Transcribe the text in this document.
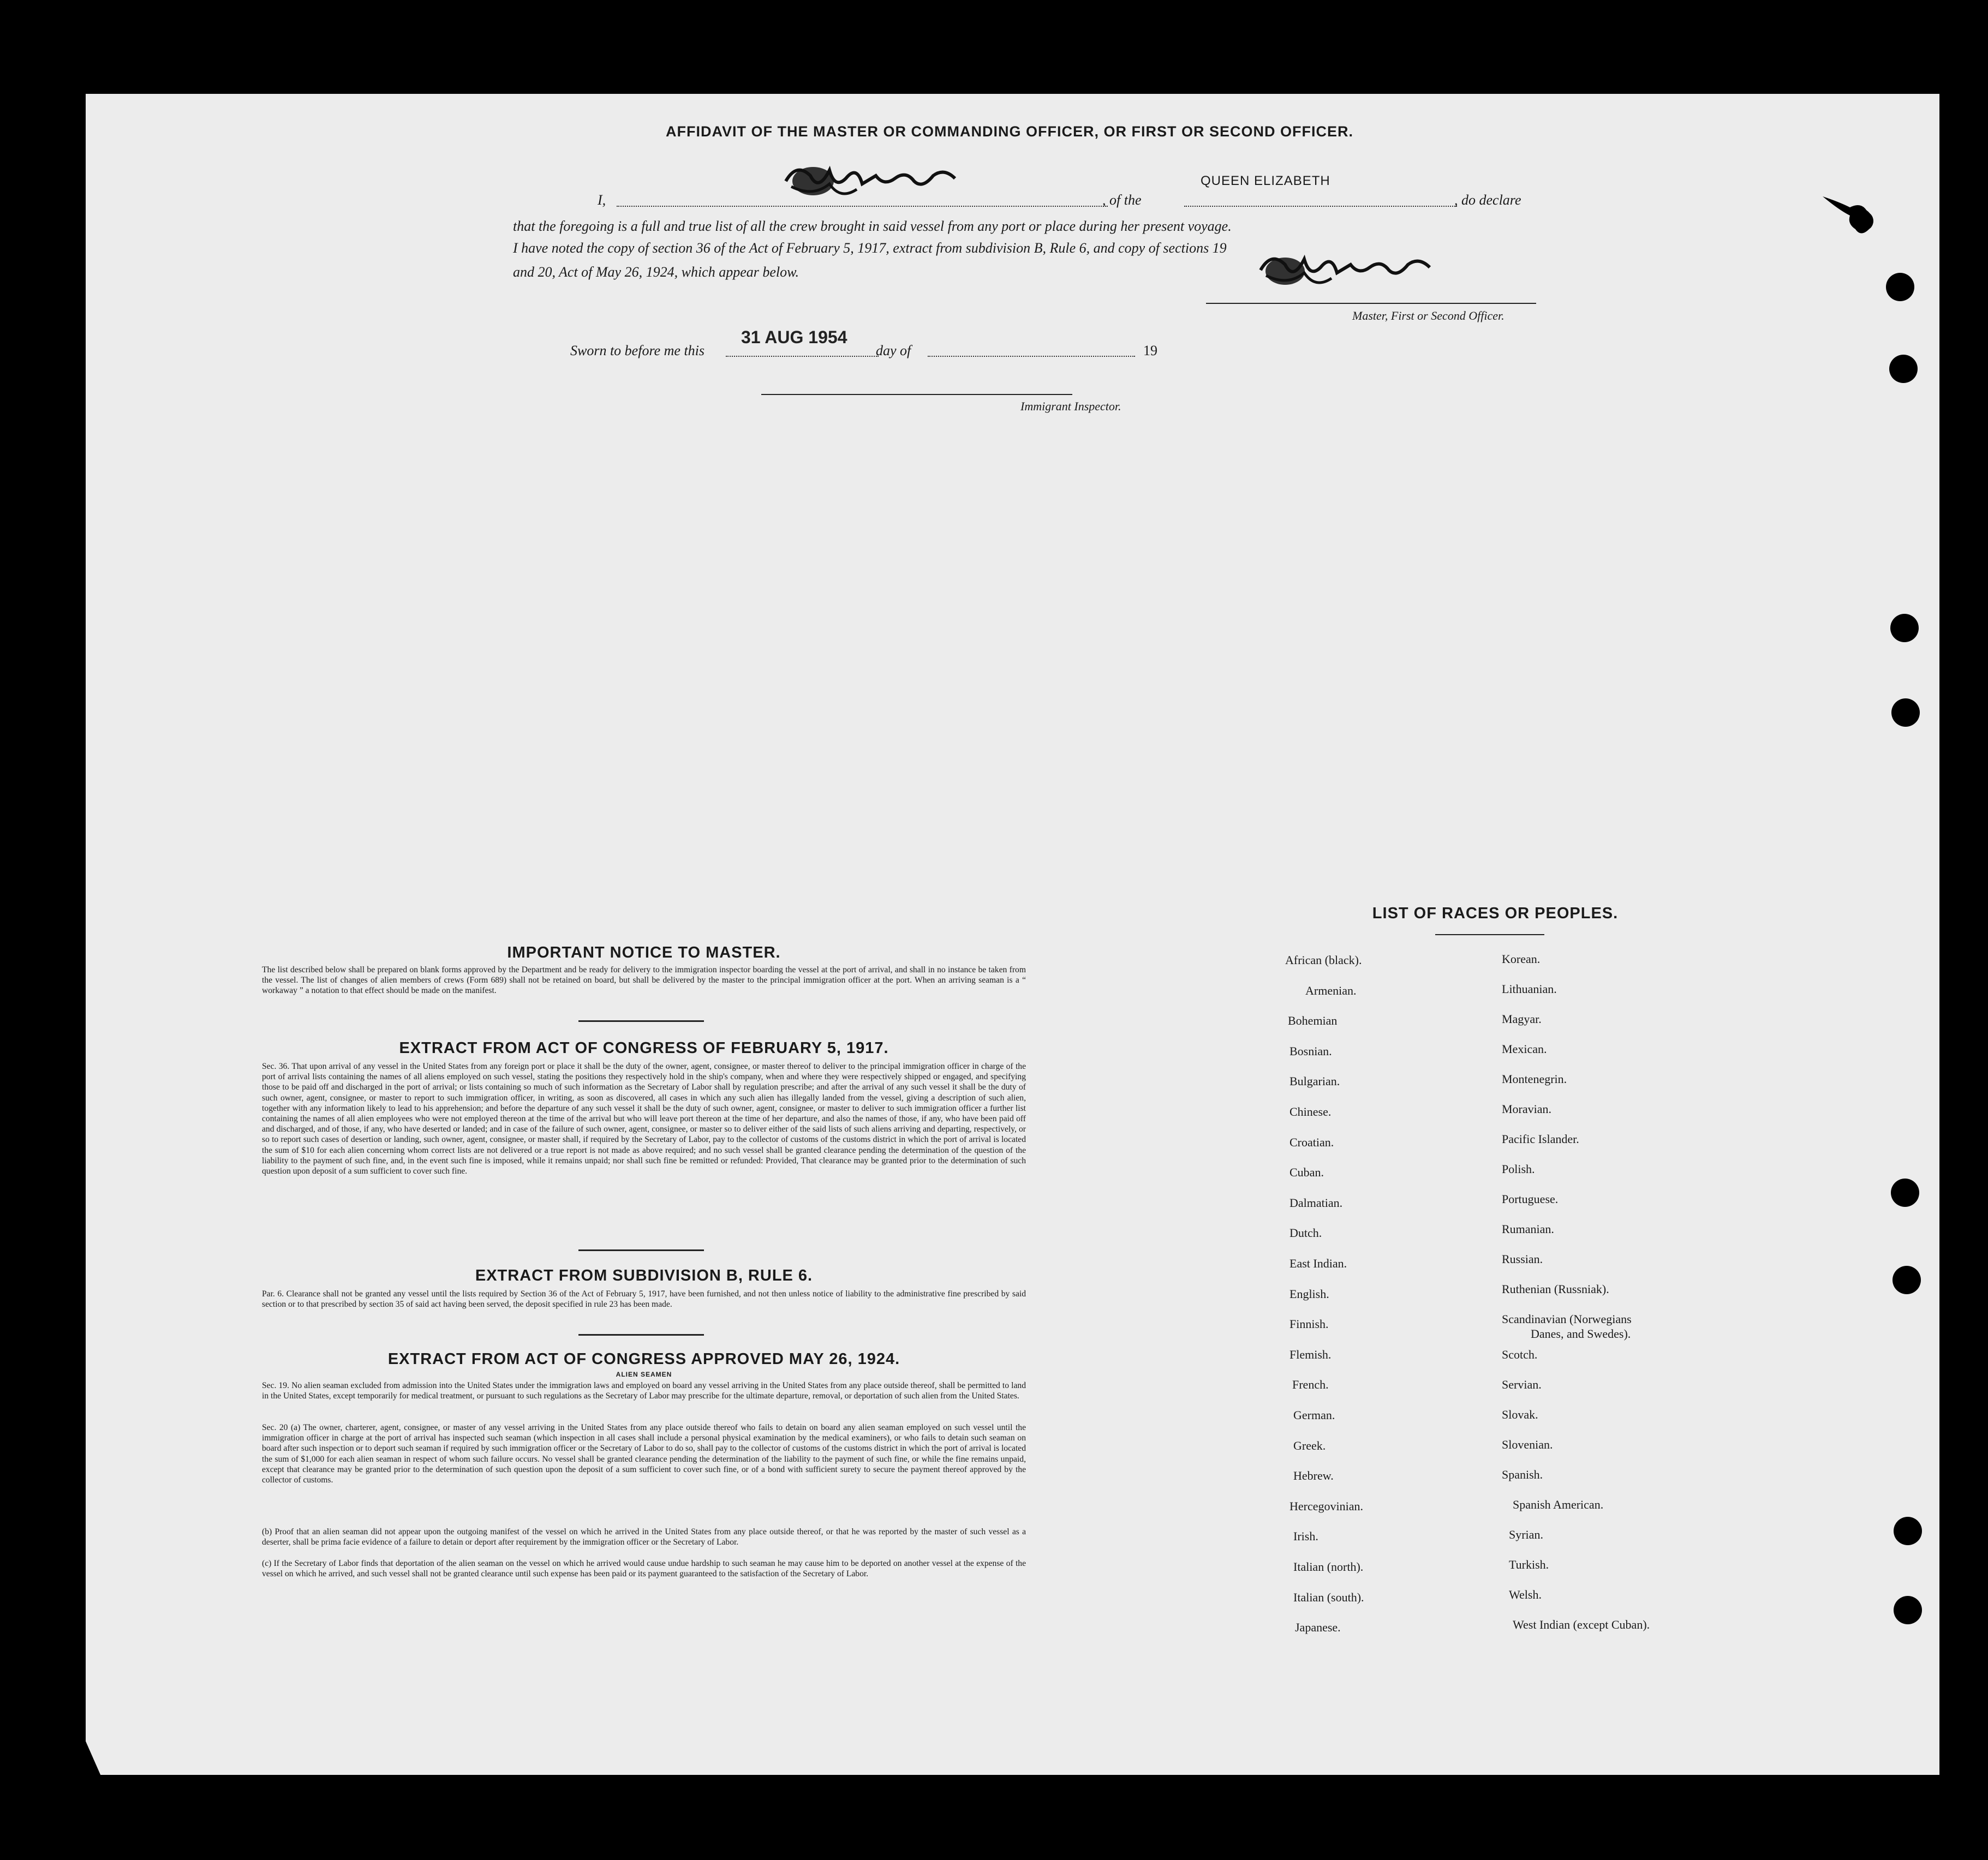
AFFIDAVIT OF THE MASTER OR COMMANDING OFFICER, OR FIRST OR SECOND OFFICER.
I,	, of the
QUEEN ELIZABETH
, do declare
that the foregoing is a full and true list of all the crew brought in said vessel from any port or place during her present voyage.
I have noted the copy of section 36 of the Act of February 5, 1917, extract from subdivision B, Rule 6, and copy of sections 19
and 20, Act of May 26, 1924, which appear below.
Master, First or Second Officer.
Sworn to before me this
31 AUG 1954
day of	19
Immigrant Inspector.
IMPORTANT NOTICE TO MASTER.
The list described below shall be prepared on blank forms approved by the Department and be ready for delivery to the immigration inspector boarding the vessel at the port of arrival, and shall in no instance be taken from the vessel. The list of changes of alien members of crews (Form 689) shall not be retained on board, but shall be delivered by the master to the principal immigration officer at the port. When an arriving seaman is a “ workaway ” a notation to that effect should be made on the manifest.
EXTRACT FROM ACT OF CONGRESS OF FEBRUARY 5, 1917.
Sec. 36. That upon arrival of any vessel in the United States from any foreign port or place it shall be the duty of the owner, agent, consignee, or master thereof to deliver to the principal immigration officer in charge of the port of arrival lists containing the names of all aliens employed on such vessel, stating the positions they respectively hold in the ship's company, when and where they were respectively shipped or engaged, and specifying those to be paid off and discharged in the port of arrival; or lists containing so much of such information as the Secretary of Labor shall by regulation prescribe; and after the arrival of any such vessel it shall be the duty of such owner, agent, consignee, or master to report to such immigration officer, in writing, as soon as discovered, all cases in which any such alien has illegally landed from the vessel, giving a description of such alien, together with any information likely to lead to his apprehension; and before the departure of any such vessel it shall be the duty of such owner, agent, consignee, or master to deliver to such immigration officer a further list containing the names of all alien employees who were not employed thereon at the time of the arrival but who will leave port thereon at the time of her departure, and also the names of those, if any, who have been paid off and discharged, and of those, if any, who have deserted or landed; and in case of the failure of such owner, agent, consignee, or master so to deliver either of the said lists of such aliens arriving and departing, respectively, or so to report such cases of desertion or landing, such owner, agent, consignee, or master shall, if required by the Secretary of Labor, pay to the collector of customs of the customs district in which the port of arrival is located the sum of $10 for each alien concerning whom correct lists are not delivered or a true report is not made as above required; and no such vessel shall be granted clearance pending the determination of the question of the liability to the payment of such fine, and, in the event such fine is imposed, while it remains unpaid; nor shall such fine be remitted or refunded: Provided, That clearance may be granted prior to the determination of such question upon deposit of a sum sufficient to cover such fine.
EXTRACT FROM SUBDIVISION B, RULE 6.
Par. 6. Clearance shall not be granted any vessel until the lists required by Section 36 of the Act of February 5, 1917, have been furnished, and not then unless notice of liability to the administrative fine prescribed by said section or to that prescribed by section 35 of said act having been served, the deposit specified in rule 23 has been made.
EXTRACT FROM ACT OF CONGRESS APPROVED MAY 26, 1924.
ALIEN SEAMEN
Sec. 19. No alien seaman excluded from admission into the United States under the immigration laws and employed on board any vessel arriving in the United States from any place outside thereof, shall be permitted to land in the United States, except temporarily for medical treatment, or pursuant to such regulations as the Secretary of Labor may prescribe for the ultimate departure, removal, or deportation of such alien from the United States.
Sec. 20 (a) The owner, charterer, agent, consignee, or master of any vessel arriving in the United States from any place outside thereof who fails to detain on board any alien seaman employed on such vessel until the immigration officer in charge at the port of arrival has inspected such seaman (which inspection in all cases shall include a personal physical examination by the medical examiners), or who fails to detain such seaman on board after such inspection or to deport such seaman if required by such immigration officer or the Secretary of Labor to do so, shall pay to the collector of customs of the customs district in which the port of arrival is located the sum of $1,000 for each alien seaman in respect of whom such failure occurs. No vessel shall be granted clearance pending the determination of the liability to the payment of such fine, or while the fine remains unpaid, except that clearance may be granted prior to the determination of such question upon the deposit of a sum sufficient to cover such fine, or of a bond with sufficient surety to secure the payment thereof approved by the collector of customs.
(b) Proof that an alien seaman did not appear upon the outgoing manifest of the vessel on which he arrived in the United States from any place outside thereof, or that he was reported by the master of such vessel as a deserter, shall be prima facie evidence of a failure to detain or deport after requirement by the immigration officer or the Secretary of Labor.
(c) If the Secretary of Labor finds that deportation of the alien seaman on the vessel on which he arrived would cause undue hardship to such seaman he may cause him to be deported on another vessel at the expense of the vessel on which he arrived, and such vessel shall not be granted clearance until such expense has been paid or its payment guaranteed to the satisfaction of the Secretary of Labor.
LIST OF RACES OR PEOPLES.
African (black).
Armenian.
Bohemian
Bosnian.
Bulgarian.
Chinese.
Croatian.
Cuban.
Dalmatian.
Dutch.
East Indian.
English.
Finnish.
Flemish.
French.
German.
Greek.
Hebrew.
Hercegovinian.
Irish.
Italian (north).
Italian (south).
Japanese.
Korean.
Lithuanian.
Magyar.
Mexican.
Montenegrin.
Moravian.
Pacific Islander.
Polish.
Portuguese.
Rumanian.
Russian.
Ruthenian (Russniak).
Scandinavian (Norwegians
Danes, and Swedes).
Scotch.
Servian.
Slovak.
Slovenian.
Spanish.
Spanish American.
Syrian.
Turkish.
Welsh.
West Indian (except Cuban).
